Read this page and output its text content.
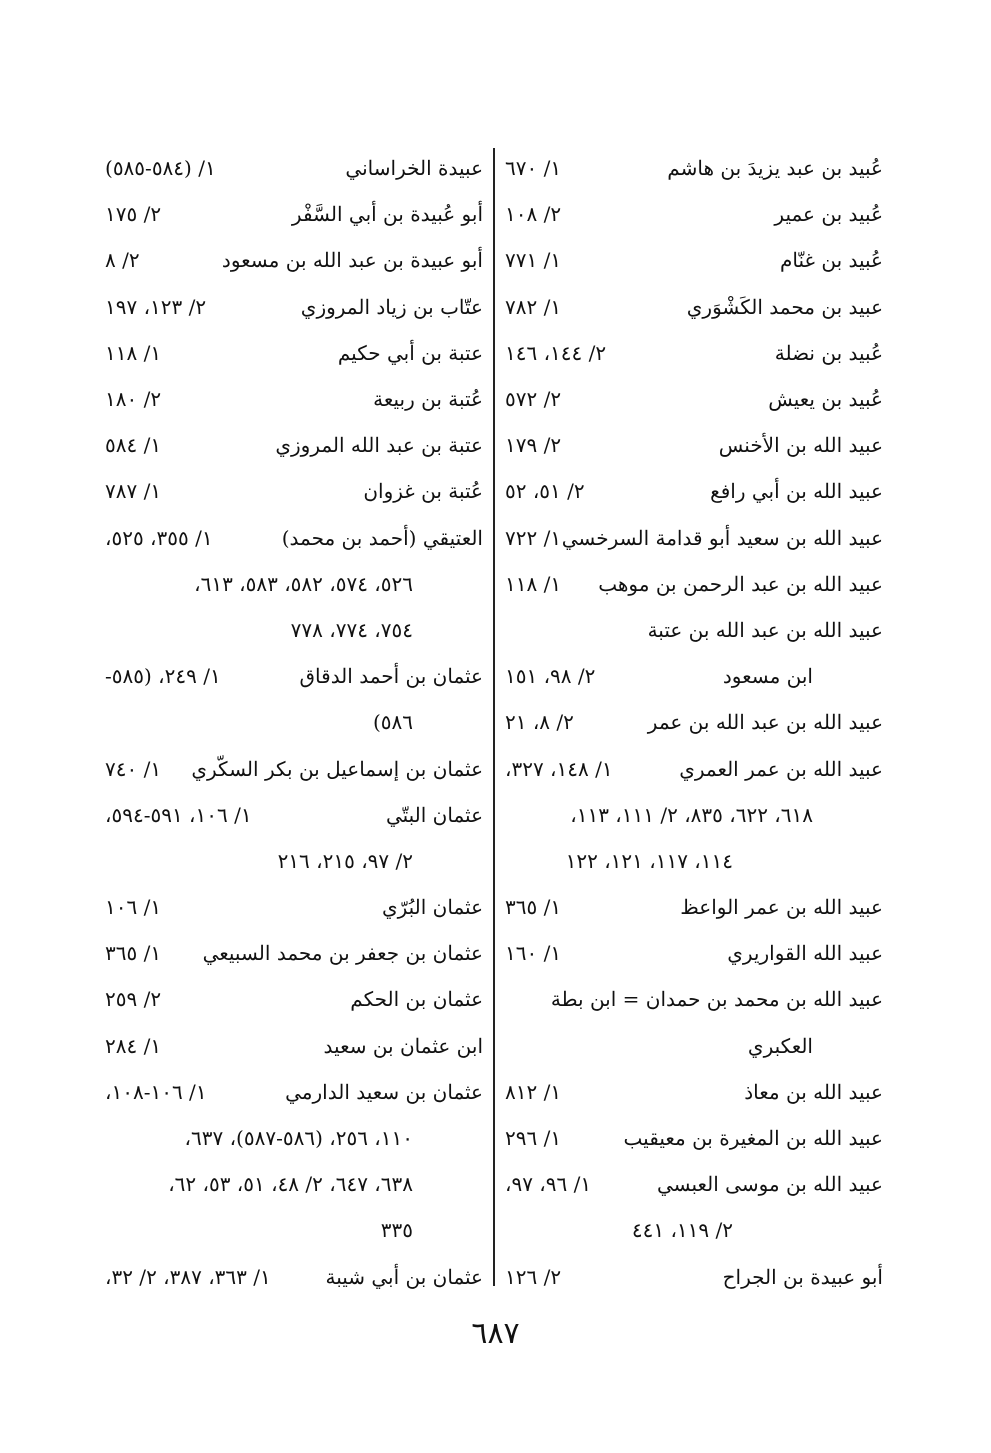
عُبيد بن عبد يزيدَ بن هاشم
١/ ٦٧٠
عُبيد بن عمير
٢/ ١٠٨
عُبيد بن غنّام
١/ ٧٧١
عبيد بن محمد الكَشْوَري
١/ ٧٨٢
عُبيد بن نضلة
٢/ ١٤٤، ١٤٦
عُبيد بن يعيش
٢/ ٥٧٢
عبيد الله بن الأخنس
٢/ ١٧٩
عبيد الله بن أبي رافع
٢/ ٥١، ٥٢
عبيد الله بن سعيد أبو قدامة السرخسي
١/ ٧٢٢
عبيد الله بن عبد الرحمن بن موهب
١/ ١١٨
عبيد الله بن عبد الله بن عتبة
ابن مسعود
٢/ ٩٨، ١٥١
عبيد الله بن عبد الله بن عمر
٢/ ٨، ٢١
عبيد الله بن عمر العمري
١/ ١٤٨، ٣٢٧،
٦١٨، ٦٢٢، ٨٣٥، ٢/ ١١١، ١١٣،
١١٤، ١١٧، ١٢١، ١٢٢
عبيد الله بن عمر الواعظ
١/ ٣٦٥
عبيد الله القواريري
١/ ١٦٠
عبيد الله بن محمد بن حمدان = ابن بطة
العكبري
عبيد الله بن معاذ
١/ ٨١٢
عبيد الله بن المغيرة بن معيقيب
١/ ٢٩٦
عبيد الله بن موسى العبسي
١/ ٩٦، ٩٧،
٢/ ١١٩، ٤٤١
أبو عبيدة بن الجراح
٢/ ١٢٦
عبيدة الخراساني
١/ (٥٨٤-٥٨٥)
أبو عُبيدة بن أبي السَّفْر
٢/ ١٧٥
أبو عبيدة بن عبد الله بن مسعود
٢/ ٨
عتّاب بن زياد المروزي
٢/ ١٢٣، ١٩٧
عتبة بن أبي حكيم
١/ ١١٨
عُتبة بن ربيعة
٢/ ١٨٠
عتبة بن عبد الله المروزي
١/ ٥٨٤
عُتبة بن غزوان
١/ ٧٨٧
العتيقي (أحمد بن محمد)
١/ ٣٥٥، ٥٢٥،
٥٢٦، ٥٧٤، ٥٨٢، ٥٨٣، ٦١٣،
٧٥٤، ٧٧٤، ٧٧٨
عثمان بن أحمد الدقاق
١/ ٢٤٩، (٥٨٥-
٥٨٦)
عثمان بن إسماعيل بن بكر السكّري
١/ ٧٤٠
عثمان البتّي
١/ ١٠٦، ٥٩١-٥٩٤،
٢/ ٩٧، ٢١٥، ٢١٦
عثمان البُرّي
١/ ١٠٦
عثمان بن جعفر بن محمد السبيعي
١/ ٣٦٥
عثمان بن الحكم
٢/ ٢٥٩
ابن عثمان بن سعيد
١/ ٢٨٤
عثمان بن سعيد الدارمي
١/ ١٠٦-١٠٨،
١١٠، ٢٥٦، (٥٨٦-٥٨٧)، ٦٣٧،
٦٣٨، ٦٤٧، ٢/ ٤٨، ٥١، ٥٣، ٦٢،
٣٣٥
عثمان بن أبي شيبة
١/ ٣٦٣، ٣٨٧، ٢/ ٣٢،
٦٨٧
